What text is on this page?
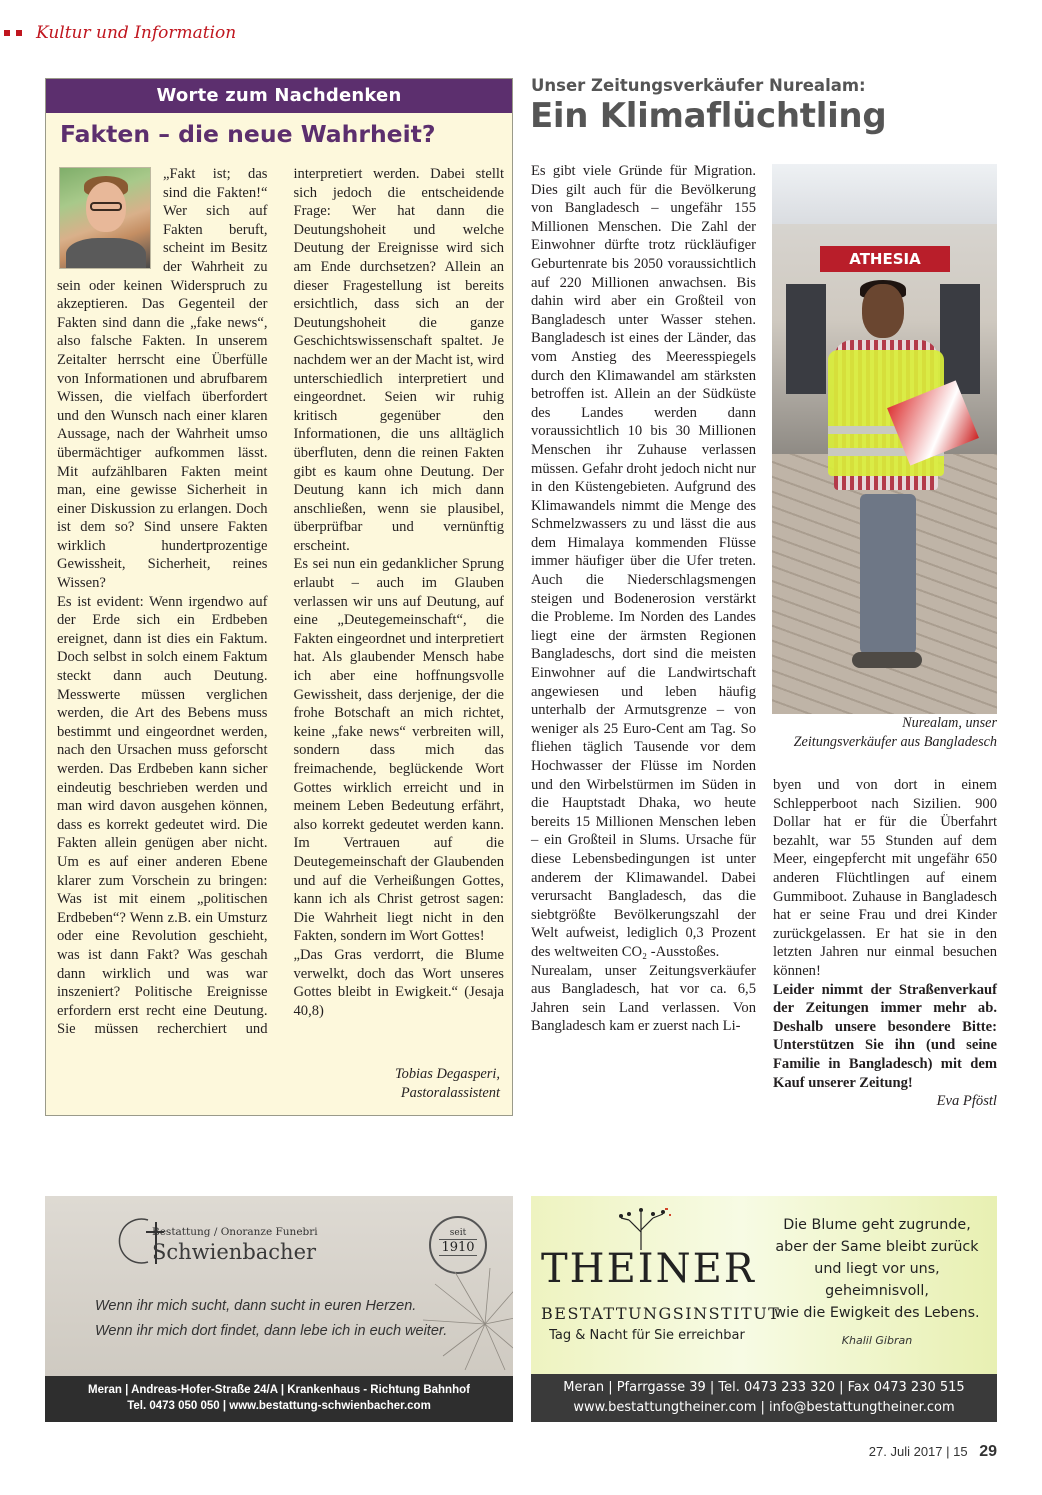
Kultur und Information
Worte zum Nachdenken
Fakten – die neue Wahrheit?

„Fakt ist; das sind die Fakten!“ Wer sich auf Fakten beruft, scheint im Besitz der Wahrheit zu sein oder keinen Widerspruch zu akzeptieren. Das Gegenteil der Fakten sind dann die „fake news“, also falsche Fakten. In unserem Zeitalter herrscht eine Überfülle von Informationen und abrufbarem Wissen, die vielfach überfordert und den Wunsch nach einer klaren Aussage, nach der Wahrheit umso übermächtiger aufkommen lässt. Mit aufzählbaren Fakten meint man, eine gewisse Sicherheit in einer Diskussion zu erlangen. Doch ist dem so? Sind unsere Fakten wirklich hundertprozentige Gewissheit, Sicherheit, reines Wissen?

Es ist evident: Wenn irgendwo auf der Erde sich ein Erdbeben ereignet, dann ist dies ein Faktum. Doch selbst in solch einem Faktum steckt dann auch Deutung. Messwerte müssen verglichen werden, die Art des Bebens muss bestimmt und eingeordnet werden, nach den Ursachen muss geforscht werden. Das Erdbeben kann sicher eindeutig beschrieben werden und man wird davon ausgehen können, dass es korrekt gedeutet wird. Die Fakten allein genügen aber nicht. Um es auf einer anderen Ebene klarer zum Vorschein zu bringen: Was ist mit einem „politischen Erdbeben“? Wenn z.B. ein Umsturz oder eine Revolution geschieht, was ist dann Fakt? Was geschah dann wirklich und was war inszeniert? Politische Ereignisse erfordern erst recht eine Deutung. Sie müssen recherchiert und interpretiert werden. Dabei stellt sich jedoch die entscheidende Frage: Wer hat dann die Deutungshoheit und welche Deutung der Ereignisse wird sich am Ende durchsetzen? Allein an dieser Fragestellung ist bereits ersichtlich, dass sich an der Deutungshoheit die ganze Geschichtswissenschaft spaltet. Je nachdem wer an der Macht ist, wird unterschiedlich interpretiert und eingeordnet. Seien wir ruhig kritisch gegenüber den Informationen, die uns alltäglich überfluten, denn die reinen Fakten gibt es kaum ohne Deutung. Der Deutung kann ich mich dann anschließen, wenn sie plausibel, überprüfbar und vernünftig erscheint.

Es sei nun ein gedanklicher Sprung erlaubt – auch im Glauben verlassen wir uns auf Deutung, auf eine „Deutegemeinschaft“, die Fakten eingeordnet und interpretiert hat. Als glaubender Mensch habe ich aber eine hoffnungsvolle Gewissheit, dass derjenige, der die frohe Botschaft an mich richtet, keine „fake news“ verbreiten will, sondern dass mich das freimachende, beglückende Wort Gottes wirklich erreicht und in meinem Leben Bedeutung erfährt, also korrekt gedeutet werden kann. Im Vertrauen auf die Deutegemeinschaft der Glaubenden und auf die Verheißungen Gottes, kann ich als Christ getrost sagen: Die Wahrheit liegt nicht in den Fakten, sondern im Wort Gottes!

„Das Gras verdorrt, die Blume verwelkt, doch das Wort unseres Gottes bleibt in Ewigkeit.“ (Jesaja 40,8)

Tobias Degasperi,
Pastoralassistent
Unser Zeitungsverkäufer Nurealam:
Ein Klimaflüchtling

Es gibt viele Gründe für Migration. Dies gilt auch für die Bevölkerung von Bangladesch – ungefähr 155 Millionen Menschen. Die Zahl der Einwohner dürfte trotz rückläufiger Geburtenrate bis 2050 voraussichtlich auf 220 Millionen anwachsen. Bis dahin wird aber ein Großteil von Bangladesch unter Wasser stehen. Bangladesch ist eines der Länder, das vom Anstieg des Meeresspiegels durch den Klimawandel am stärksten betroffen ist. Allein an der Südküste des Landes werden dann voraussichtlich 10 bis 30 Millionen Menschen ihr Zuhause verlassen müssen. Gefahr droht jedoch nicht nur in den Küstengebieten. Aufgrund des Klimawandels nimmt die Menge des Schmelzwassers zu und lässt die aus dem Himalaya kommenden Flüsse immer häufiger über die Ufer treten. Auch die Niederschlagsmengen steigen und Bodenerosion verstärkt die Probleme. Im Norden des Landes liegt eine der ärmsten Regionen Bangladeschs, dort sind die meisten Einwohner auf die Landwirtschaft angewiesen und leben häufig unterhalb der Armutsgrenze – von weniger als 25 Euro-Cent am Tag. So fliehen täglich Tausende vor dem Hochwasser der Flüsse im Norden und den Wirbelstürmen im Süden in die Hauptstadt Dhaka, wo heute bereits 15 Millionen Menschen leben – ein Großteil in Slums. Ursache für diese Lebensbedingungen ist unter anderem der Klimawandel. Dabei verursacht Bangladesch, das die siebtgrößte Bevölkerungszahl der Welt aufweist, lediglich 0,3 Prozent des weltweiten CO₂ -Ausstoßes.

Nurealam, unser Zeitungsverkäufer aus Bangladesch, hat vor ca. 6,5 Jahren sein Land verlassen. Von Bangladesch kam er zuerst nach Li-

ATHESIA
Nurealam, unser
Zeitungsverkäufer aus Bangladesch

byen und von dort in einem Schlepperboot nach Sizilien. 900 Dollar hat er für die Überfahrt bezahlt, war 55 Stunden auf dem Meer, eingepfercht mit ungefähr 650 anderen Flüchtlingen auf einem Gummiboot. Zuhause in Bangladesch hat er seine Frau und drei Kinder zurückgelassen. Er hat sie in den letzten Jahren nur einmal besuchen können!

Leider nimmt der Straßenverkauf der Zeitungen immer mehr ab. Deshalb unsere besondere Bitte: Unterstützen Sie ihn (und seine Familie in Bangladesch) mit dem Kauf unserer Zeitung!

Eva Pföstl

Bestattung / Onoranze Funebri
Schwienbacher
seit
1910
Wenn ihr mich sucht, dann sucht in euren Herzen.
Wenn ihr mich dort findet, dann lebe ich in euch weiter.
Meran | Andreas-Hofer-Straße 24/A | Krankenhaus - Richtung Bahnhof
Tel. 0473 050 050 | www.bestattung-schwienbacher.com
THEINER
BESTATTUNGSINSTITUT
Tag & Nacht für Sie erreichbar
Die Blume geht zugrunde,
aber der Same bleibt zurück
und liegt vor uns,
geheimnisvoll,
wie die Ewigkeit des Lebens.
Khalil Gibran
Meran | Pfarrgasse 39 | Tel. 0473 233 320 | Fax 0473 230 515
www.bestattungtheiner.com | info@bestattungtheiner.com
27. Juli 2017 | 15 29
